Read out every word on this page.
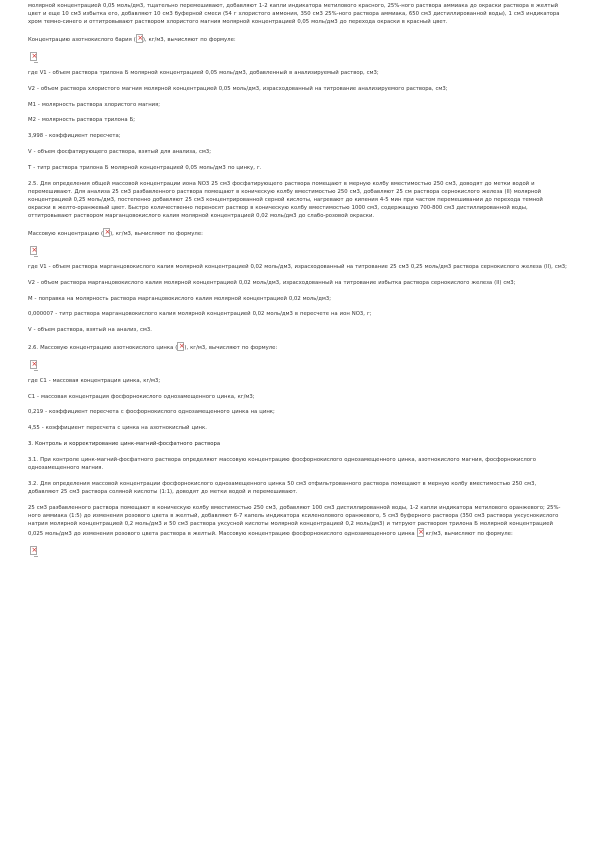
молярной концентрацией 0,05 моль/дм3, тщательно перемешивают, добавляют 1-2 капли индикатора метилового красного, 25%-ного раствора аммиака до окраски раствора в желтый цвет и еще 10 см3 избытка его, добавляют 10 см3 буферной смеси (54 г хлористого аммония, 350 см3 25%-ного раствора аммиака, 650 см3 дистиллированной воды), 1 см3 индикатора хром темно-синего и оттитровывают раствором хлористого магния молярной концентрацией 0,05 моль/дм3 до перехода окраски в красный цвет.

Концентрацию азотнокислого бария ( × ), кг/м3, вычисляют по формуле:

×

где V1 - объем раствора трилона Б молярной концентрацией 0,05 моль/дм3, добавленный в анализируемый раствор, см3;

V2 - объем раствора хлористого магния молярной концентрацией 0,05 моль/дм3, израсходованный на титрование анализируемого раствора, см3;

M1 - молярность раствора хлористого магния;

M2 - молярность раствора трилона Б;

3,998 - коэффициент пересчета;

V - объем фосфатирующего раствора, взятый для анализа, см3;

Т - титр раствора трилона Б молярной концентрацией 0,05 моль/дм3 по цинку, г.

2.5. Для определения общей массовой концентрации иона NO3 25 см3 фосфатирующего раствора помещают в мерную колбу вместимостью 250 см3, доводят до метки водой и перемешивают. Для анализа 25 см3 разбавленного раствора помещают в коническую колбу вместимостью 250 см3, добавляют 25 см раствора сернокислого железа (II) молярной концентрацией 0,25 моль/дм3, постепенно добавляют 25 см3 концентрированной серной кислоты, нагревают до кипения 4-5 мин при частом перемешивании до перехода темной окраски в желто-оранжевый цвет. Быстро количественно переносят раствор в коническую колбу вместимостью 1000 см3, содержащую 700-800 см3 дистиллированной воды, оттитровывают раствором марганцовокислого калия молярной концентрацией 0,02 моль/дм3 до слабо-розовой окраски.

Массовую концентрацию ( × ), кг/м3, вычисляют по формуле:

×

где V1 - объем раствора марганцовокислого калия молярной концентрацией 0,02 моль/дм3, израсходованный на титрование 25 см3 0,25 моль/дм3 раствора сернокислого железа (II), см3;

V2 - объем раствора марганцовокислого калия молярной концентрацией 0,02 моль/дм3, израсходованный на титрование избытка раствора сернокислого железа (II) см3;

M - поправка на молярность раствора марганцовокислого калия молярной концентрацией 0,02 моль/дм3;

0,000007 - титр раствора марганцовокислого калия молярной концентрацией 0,02 моль/дм3 в пересчете на ион NO3, г;

V - объем раствора, взятый на анализ, см3.

2.6. Массовую концентрацию азотнокислого цинка ( × ), кг/м3, вычисляют по формуле:

×

где C1 - массовая концентрация цинка, кг/м3;

C1 - массовая концентрация фосфорнокислого однозамещенного цинка, кг/м3;

0,219 - коэффициент пересчета с фосфорнокислого однозамещенного цинка на цинк;

4,55 - коэффициент пересчета с цинка на азотнокислый цинк.

3. Контроль и корректирование цинк-магний-фосфатного раствора

3.1. При контроле цинк-магний-фосфатного раствора определяют массовую концентрацию фосфорнокислого однозамещенного цинка, азотнокислого магния, фосфорнокислого однозамещенного магния.

3.2. Для определения массовой концентрации фосфорнокислого однозамещенного цинка 50 см3 отфильтрованного раствора помещают в мерную колбу вместимостью 250 см3, добавляют 25 см3 раствора соляной кислоты (1:1), доводят до метки водой и перемешивают.

25 см3 разбавленного раствора помещают в коническую колбу вместимостью 250 см3, добавляют 100 см3 дистиллированной воды, 1-2 капли индикатора метилового оранжевого; 25%-ного аммиака (1:5) до изменения розового цвета в желтый, добавляют 6-7 капель индикатора ксиленолового оранжевого, 5 см3 буферного раствора (350 см3 раствора уксуснокислого натрия молярной концентрацией 0,2 моль/дм3 и 50 см3 раствора уксусной кислоты молярной концентрацией 0,2 моль/дм3) и титруют раствором трилона Б молярной концентрацией 0,025 моль/дм3 до изменения розового цвета раствора в желтый. Массовую концентрацию фосфорнокислого однозамещенного цинка × кг/м3, вычисляют по формуле:

×
